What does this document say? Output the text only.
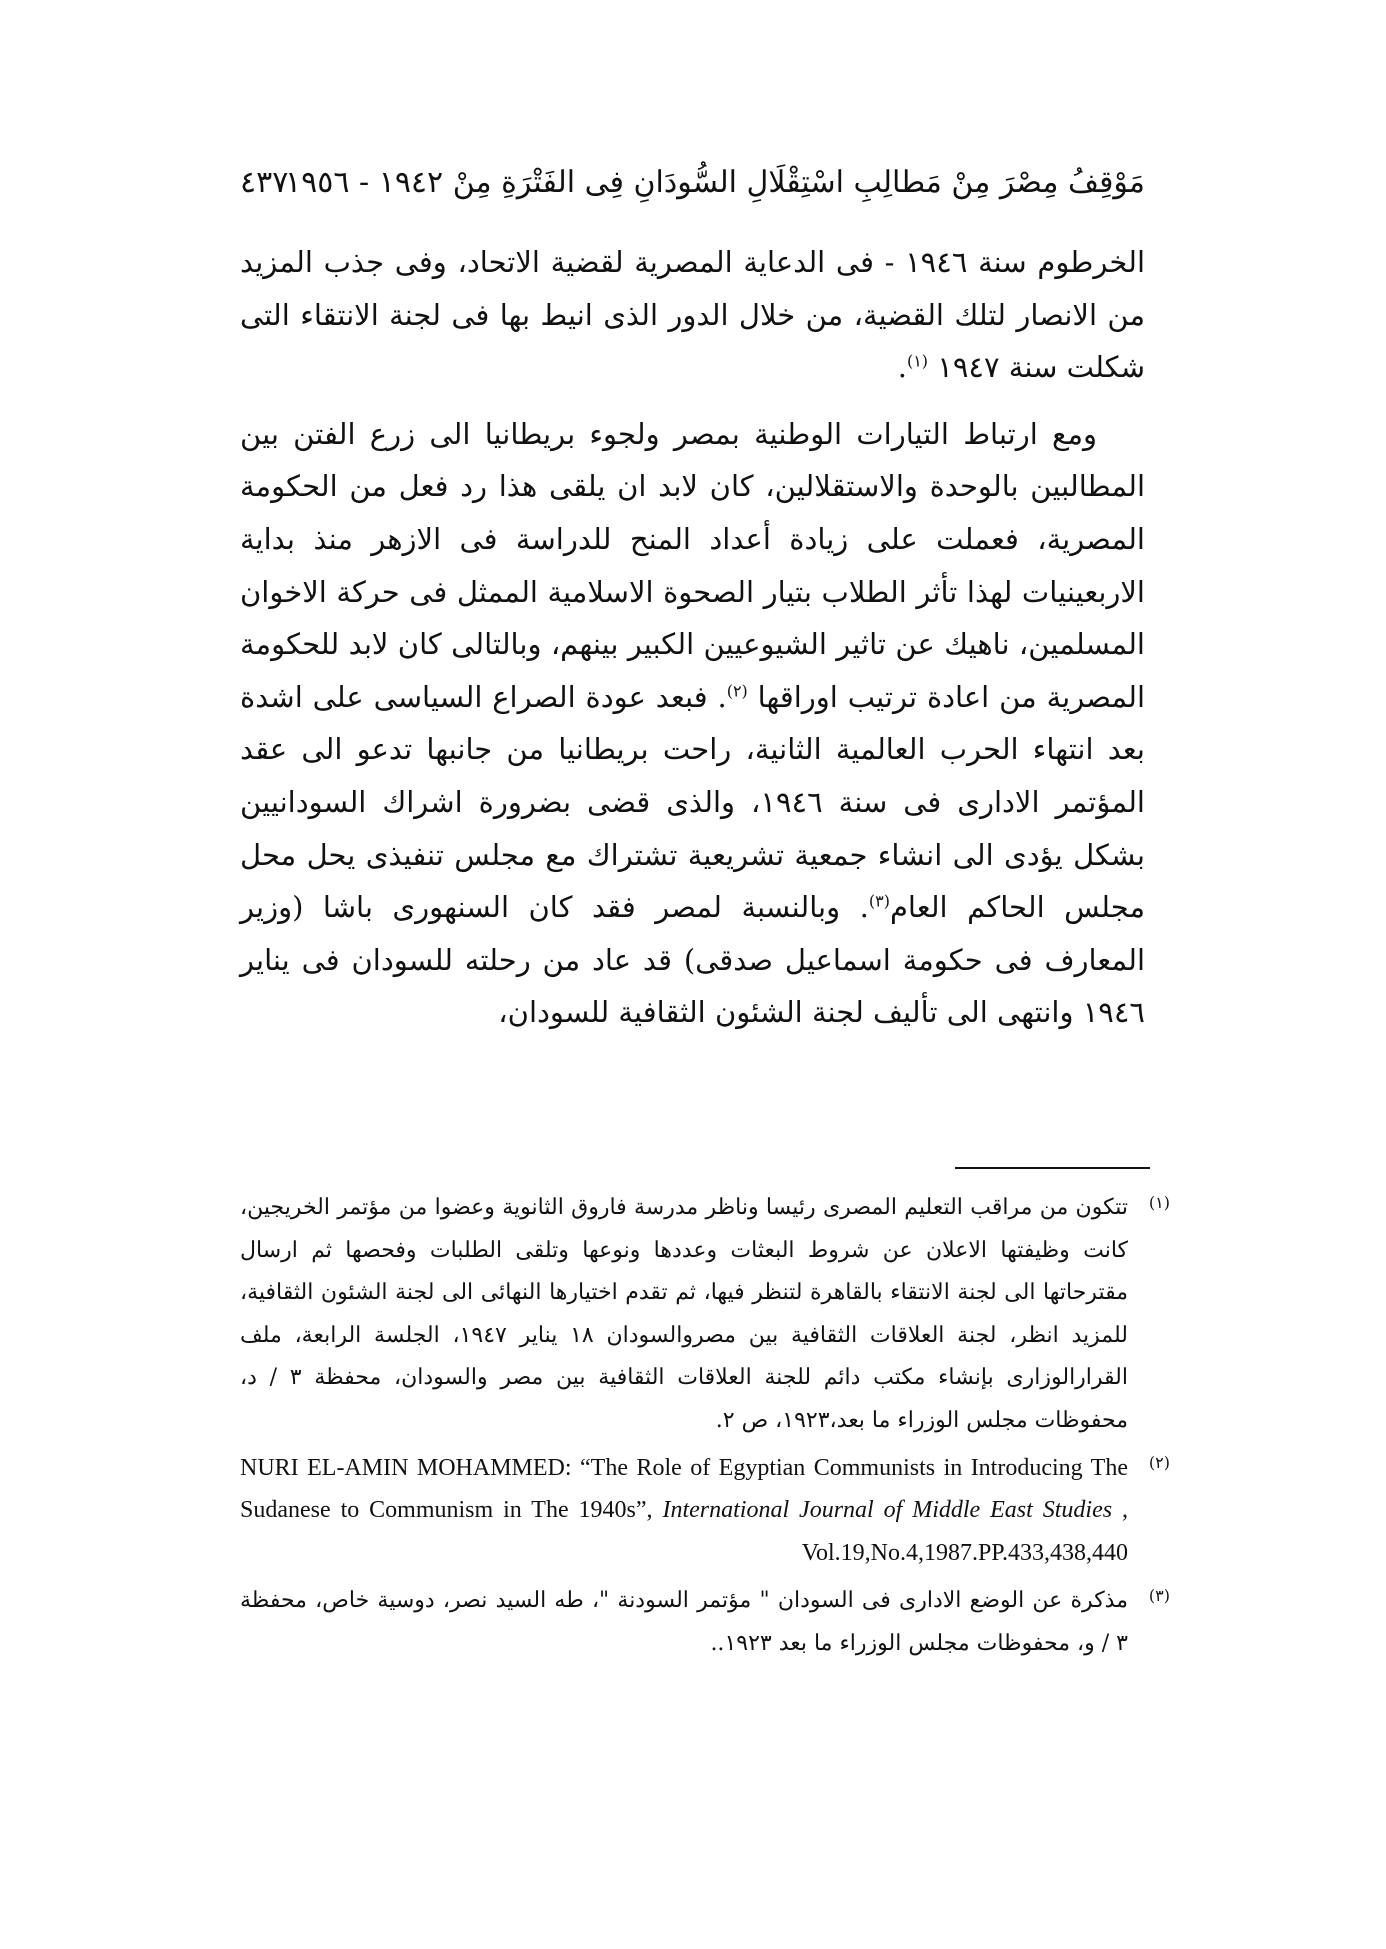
مَوْقِفُ مِصْرَ مِنْ مَطالِبِ اسْتِقْلَالِ السُّودَانِ فِى الفَتْرَةِ مِنْ ١٩٤٢ - ١٩٥٦
٤٣٧

الخرطوم سنة ١٩٤٦ - فى الدعاية المصرية لقضية الاتحاد، وفى جذب المزيد من الانصار لتلك القضية، من خلال الدور الذى انيط بها فى لجنة الانتقاء التى شكلت سنة ١٩٤٧ $^{(١)}$.

ومع ارتباط التيارات الوطنية بمصر ولجوء بريطانيا الى زرع الفتن بين المطالبين بالوحدة والاستقلالين، كان لابد ان يلقى هذا رد فعل من الحكومة المصرية، فعملت على زيادة أعداد المنح للدراسة فى الازهر منذ بداية الاربعينيات لهذا تأثر الطلاب بتيار الصحوة الاسلامية الممثل فى حركة الاخوان المسلمين، ناهيك عن تاثير الشيوعيين الكبير بينهم، وبالتالى كان لابد للحكومة المصرية من اعادة ترتيب اوراقها $^{(٢)}$. فبعد عودة الصراع السياسى على اشدة بعد انتهاء الحرب العالمية الثانية، راحت بريطانيا من جانبها تدعو الى عقد المؤتمر الادارى فى سنة ١٩٤٦، والذى قضى بضرورة اشراك السودانيين بشكل يؤدى الى انشاء جمعية تشريعية تشتراك مع مجلس تنفيذى يحل محل مجلس الحاكم العام$^{(٣)}$. وبالنسبة لمصر فقد كان السنهورى باشا (وزير المعارف فى حكومة اسماعيل صدقى) قد عاد من رحلته للسودان فى يناير ١٩٤٦ وانتهى الى تأليف لجنة الشئون الثقافية للسودان،

(١)
تتكون من مراقب التعليم المصرى رئيسا وناظر مدرسة فاروق الثانوية وعضوا من مؤتمر الخريجين، كانت وظيفتها الاعلان عن شروط البعثات وعددها ونوعها وتلقى الطلبات وفحصها ثم ارسال مقترحاتها الى لجنة الانتقاء بالقاهرة لتنظر فيها، ثم تقدم اختيارها النهائى الى لجنة الشئون الثقافية، للمزيد انظر، لجنة العلاقات الثقافية بين مصروالسودان ١٨ يناير ١٩٤٧، الجلسة الرابعة، ملف القرارالوزارى بإنشاء مكتب دائم للجنة العلاقات الثقافية بين مصر والسودان، محفظة ٣ / د، محفوظات مجلس الوزراء ما بعد،١٩٢٣، ص ٢.
(٢)
NURI EL-AMIN MOHAMMED: “The Role of Egyptian Communists in Introducing The Sudanese to Communism in The 1940s”, International Journal of Middle East Studies , Vol.19,No.4,1987.PP.433,438,440
(٣)
مذكرة عن الوضع الادارى فى السودان " مؤتمر السودنة "، طه السيد نصر، دوسية خاص، محفظة ٣ / و، محفوظات مجلس الوزراء ما بعد ١٩٢٣..
